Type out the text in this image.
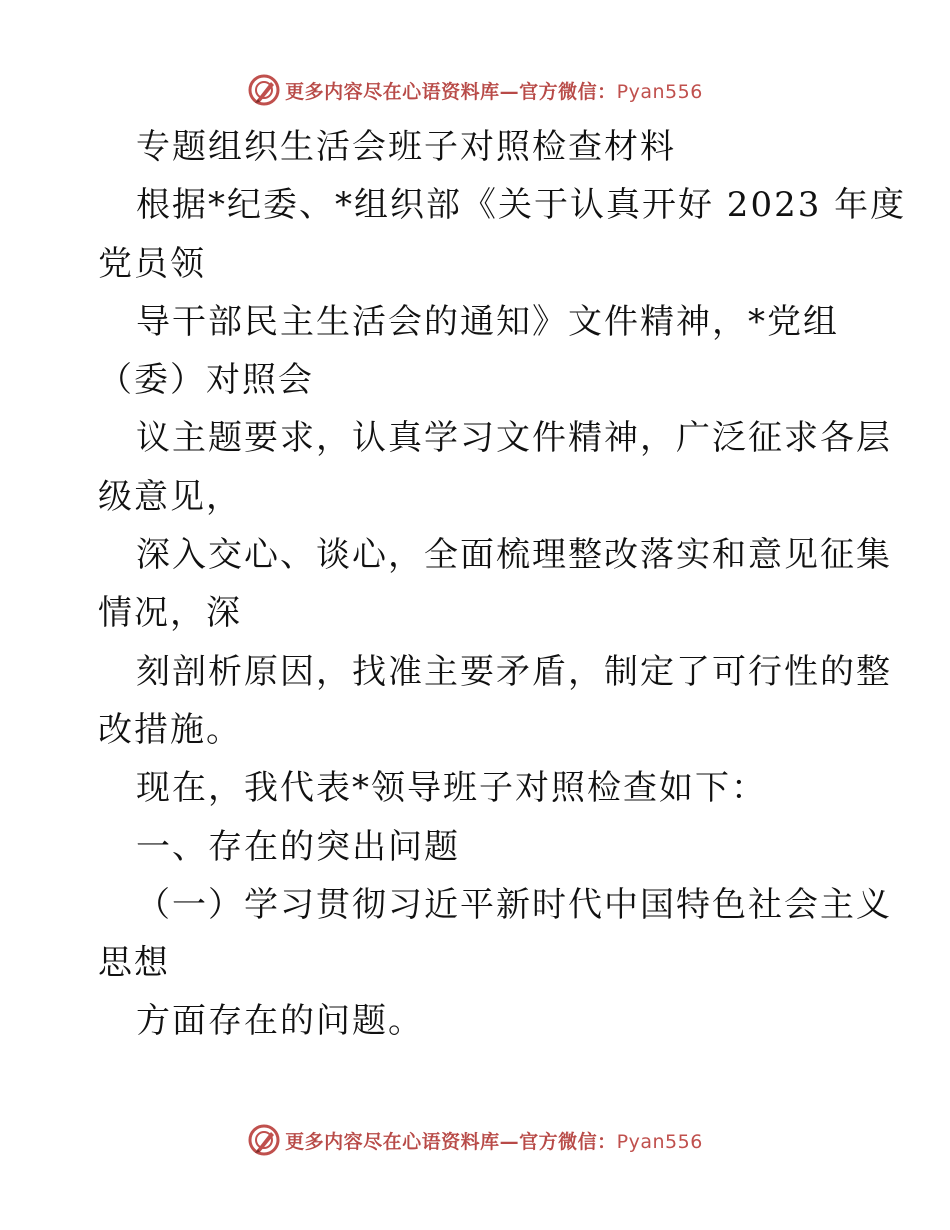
更多内容尽在心语资料库—官方微信：Pyan556

专题组织生活会班子对照检查材料

根据*纪委、*组织部《关于认真开好 2023 年度

党员领

导干部民主生活会的通知》文件精神，*党组

（委）对照会

议主题要求，认真学习文件精神，广泛征求各层

级意见，

深入交心、谈心，全面梳理整改落实和意见征集

情况，深

刻剖析原因，找准主要矛盾，制定了可行性的整

改措施。

现在，我代表*领导班子对照检查如下：

一、存在的突出问题

（一）学习贯彻习近平新时代中国特色社会主义

思想

方面存在的问题。

更多内容尽在心语资料库—官方微信：Pyan556
